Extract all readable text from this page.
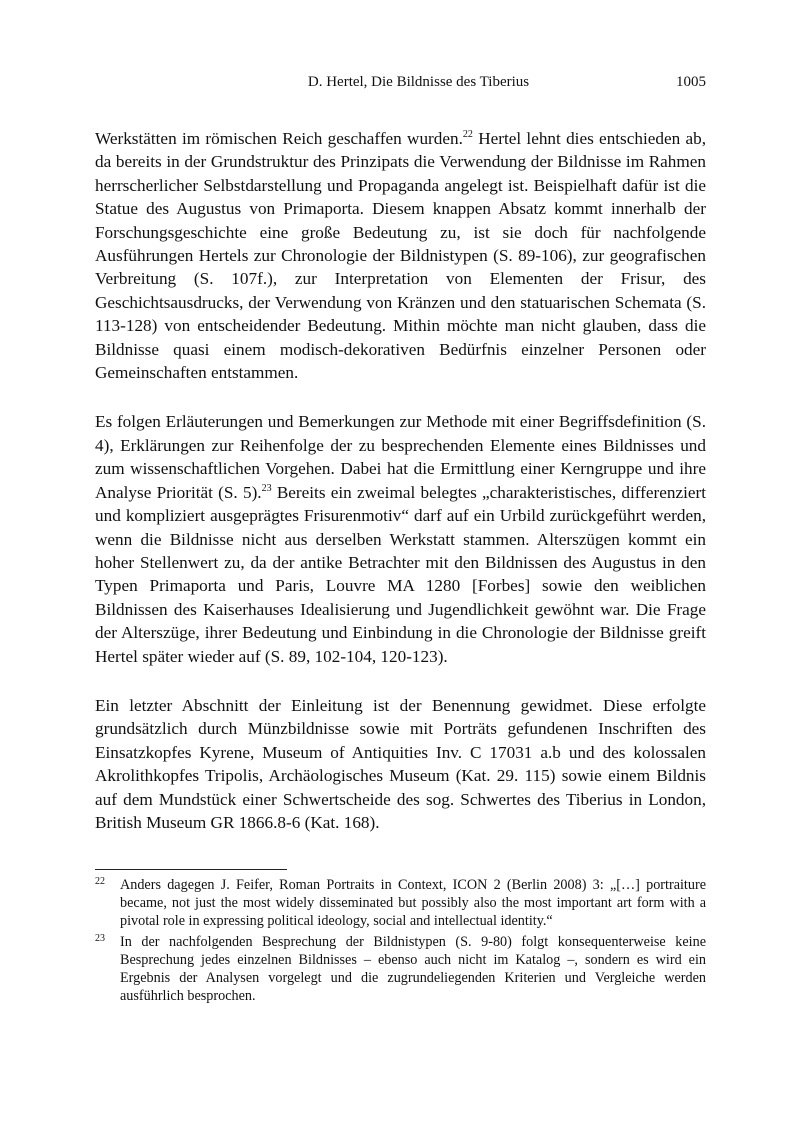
D. Hertel, Die Bildnisse des Tiberius	1005

Werkstätten im römischen Reich geschaffen wurden.$^{22}$ Hertel lehnt dies entschieden ab, da bereits in der Grundstruktur des Prinzipats die Verwendung der Bildnisse im Rahmen herrscherlicher Selbstdarstellung und Propaganda angelegt ist. Beispielhaft dafür ist die Statue des Augustus von Primaporta. Diesem knappen Absatz kommt innerhalb der Forschungsgeschichte eine große Bedeutung zu, ist sie doch für nachfolgende Ausführungen Hertels zur Chronologie der Bildnistypen (S. 89-106), zur geografischen Verbreitung (S. 107f.), zur Interpretation von Elementen der Frisur, des Geschichtsausdrucks, der Verwendung von Kränzen und den statuarischen Schemata (S. 113-128) von entscheidender Bedeutung. Mithin möchte man nicht glauben, dass die Bildnisse quasi einem modisch-dekorativen Bedürfnis einzelner Personen oder Gemeinschaften entstammen.

Es folgen Erläuterungen und Bemerkungen zur Methode mit einer Begriffsdefinition (S. 4), Erklärungen zur Reihenfolge der zu besprechenden Elemente eines Bildnisses und zum wissenschaftlichen Vorgehen. Dabei hat die Ermittlung einer Kerngruppe und ihre Analyse Priorität (S. 5).$^{23}$ Bereits ein zweimal belegtes „charakteristisches, differenziert und kompliziert ausgeprägtes Frisurenmotiv“ darf auf ein Urbild zurückgeführt werden, wenn die Bildnisse nicht aus derselben Werkstatt stammen. Alterszügen kommt ein hoher Stellenwert zu, da der antike Betrachter mit den Bildnissen des Augustus in den Typen Primaporta und Paris, Louvre MA 1280 [Forbes] sowie den weiblichen Bildnissen des Kaiserhauses Idealisierung und Jugendlichkeit gewöhnt war. Die Frage der Alterszüge, ihrer Bedeutung und Einbindung in die Chronologie der Bildnisse greift Hertel später wieder auf (S. 89, 102-104, 120-123).

Ein letzter Abschnitt der Einleitung ist der Benennung gewidmet. Diese erfolgte grundsätzlich durch Münzbildnisse sowie mit Porträts gefundenen Inschriften des Einsatzkopfes Kyrene, Museum of Antiquities Inv. C 17031 a.b und des kolossalen Akrolithkopfes Tripolis, Archäologisches Museum (Kat. 29. 115) sowie einem Bildnis auf dem Mundstück einer Schwertscheide des sog. Schwertes des Tiberius in London, British Museum GR 1866.8-6 (Kat. 168).

22 Anders dagegen J. Feifer, Roman Portraits in Context, ICON 2 (Berlin 2008) 3: „[…] portraiture became, not just the most widely disseminated but possibly also the most important art form with a pivotal role in expressing political ideology, social and intellectual identity.“
23 In der nachfolgenden Besprechung der Bildnistypen (S. 9-80) folgt konsequenterweise keine Besprechung jedes einzelnen Bildnisses – ebenso auch nicht im Katalog –, sondern es wird ein Ergebnis der Analysen vorgelegt und die zugrundeliegenden Kriterien und Vergleiche werden ausführlich besprochen.
